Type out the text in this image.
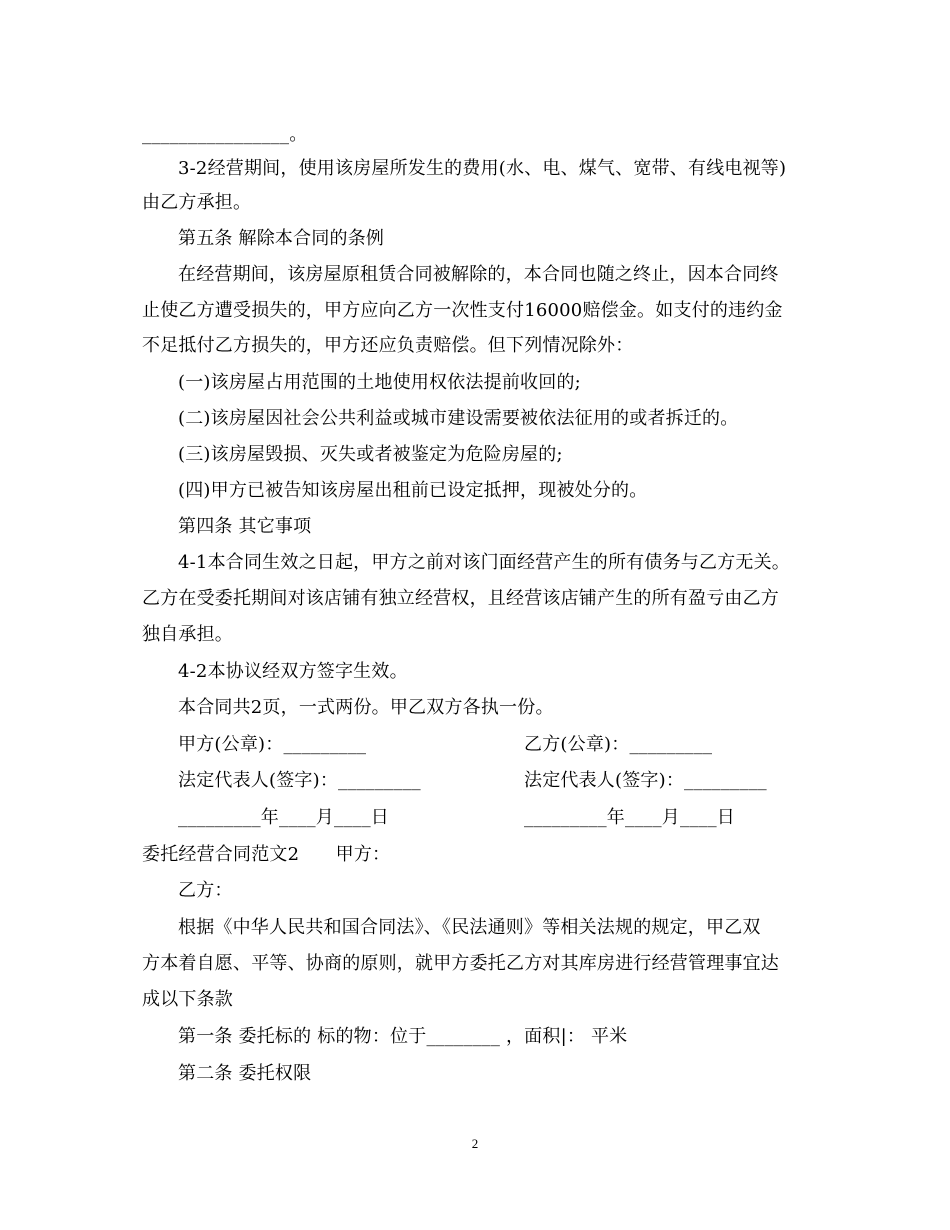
________________。
3-2经营期间，使用该房屋所发生的费用(水、电、煤气、宽带、有线电视等)
由乙方承担。
第五条 解除本合同的条例
在经营期间，该房屋原租赁合同被解除的，本合同也随之终止，因本合同终
止使乙方遭受损失的，甲方应向乙方一次性支付16000赔偿金。如支付的违约金
不足抵付乙方损失的，甲方还应负责赔偿。但下列情况除外：
(一)该房屋占用范围的土地使用权依法提前收回的;
(二)该房屋因社会公共利益或城市建设需要被依法征用的或者拆迁的。
(三)该房屋毁损、灭失或者被鉴定为危险房屋的;
(四)甲方已被告知该房屋出租前已设定抵押，现被处分的。
第四条 其它事项
4-1本合同生效之日起，甲方之前对该门面经营产生的所有债务与乙方无关。
乙方在受委托期间对该店铺有独立经营权，且经营该店铺产生的所有盈亏由乙方
独自承担。
4-2本协议经双方签字生效。
本合同共2页，一式两份。甲乙双方各执一份。
甲方(公章)：_________	乙方(公章)：_________
法定代表人(签字)：_________	法定代表人(签字)：_________
_________年____月____日	_________年____月____日
委托经营合同范文2　　甲方：
乙方：
根据《中华人民共和国合同法》、《民法通则》等相关法规的规定，甲乙双
方本着自愿、平等、协商的原则，就甲方委托乙方对其库房进行经营管理事宜达
成以下条款
第一条 委托标的 标的物：位于________ ，面积|： 平米
第二条 委托权限
2
